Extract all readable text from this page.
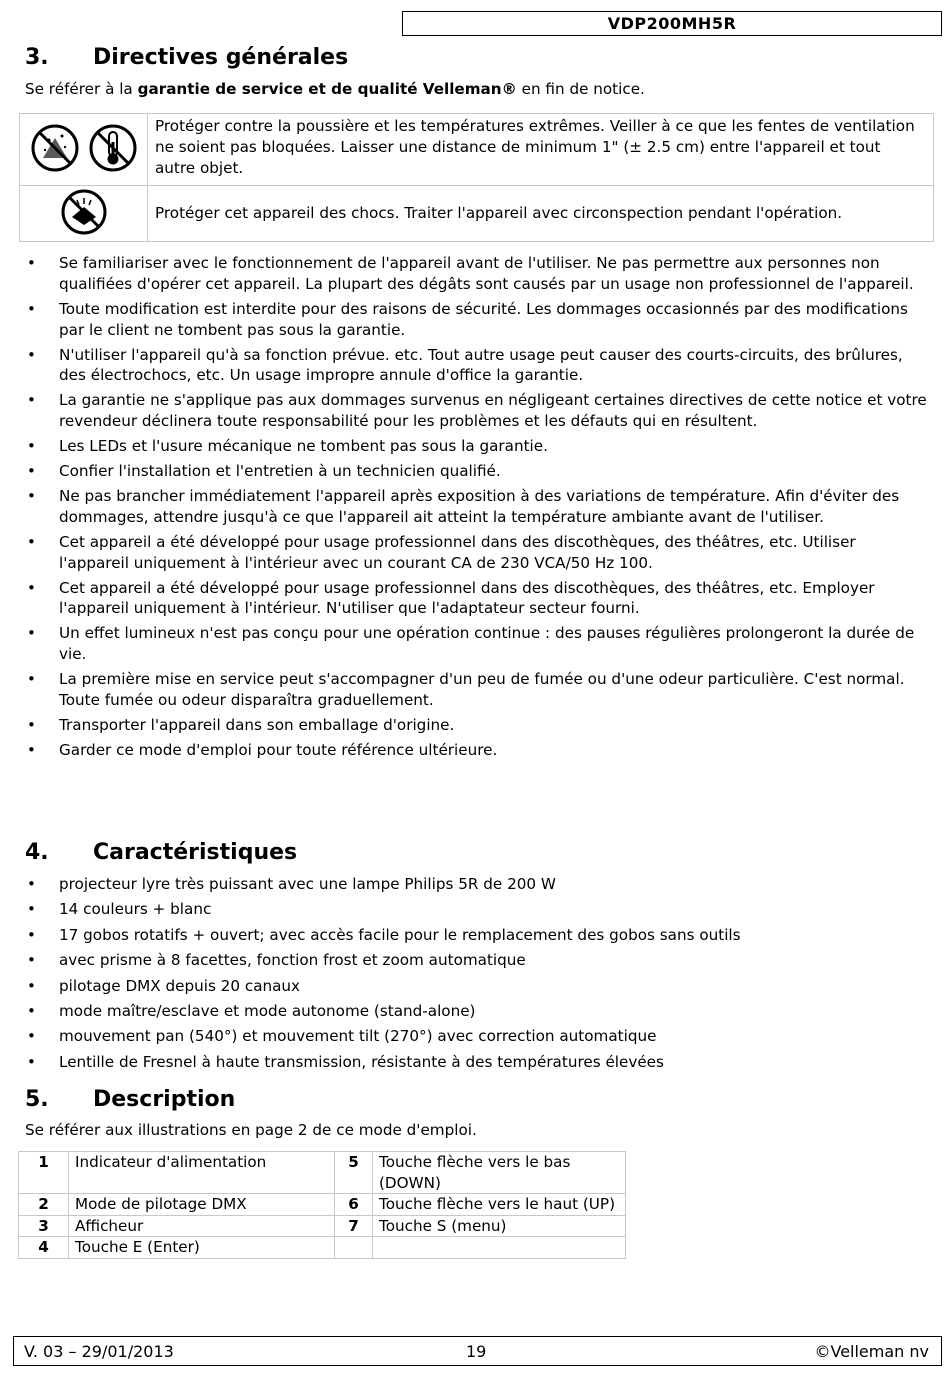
VDP200MH5R
3. Directives générales

Se référer à la garantie de service et de qualité Velleman® en fin de notice.

	Protéger contre la poussière et les températures extrêmes. Veiller à ce que les fentes de ventilation ne soient pas bloquées. Laisser une distance de minimum 1" (± 2.5 cm) entre l'appareil et tout autre objet.
	Protéger cet appareil des chocs. Traiter l'appareil avec circonspection pendant l'opération.
• Se familiariser avec le fonctionnement de l'appareil avant de l'utiliser. Ne pas permettre aux personnes non qualifiées d'opérer cet appareil. La plupart des dégâts sont causés par un usage non professionnel de l'appareil.
• Toute modification est interdite pour des raisons de sécurité. Les dommages occasionnés par des modifications par le client ne tombent pas sous la garantie.
• N'utiliser l'appareil qu'à sa fonction prévue. etc. Tout autre usage peut causer des courts-circuits, des brûlures, des électrochocs, etc. Un usage impropre annule d'office la garantie.
• La garantie ne s'applique pas aux dommages survenus en négligeant certaines directives de cette notice et votre revendeur déclinera toute responsabilité pour les problèmes et les défauts qui en résultent.
• Les LEDs et l'usure mécanique ne tombent pas sous la garantie.
• Confier l'installation et l'entretien à un technicien qualifié.
• Ne pas brancher immédiatement l'appareil après exposition à des variations de température. Afin d'éviter des dommages, attendre jusqu'à ce que l'appareil ait atteint la température ambiante avant de l'utiliser.
• Cet appareil a été développé pour usage professionnel dans des discothèques, des théâtres, etc. Utiliser l'appareil uniquement à l'intérieur avec un courant CA de 230 VCA/50 Hz 100.
• Cet appareil a été développé pour usage professionnel dans des discothèques, des théâtres, etc. Employer l'appareil uniquement à l'intérieur. N'utiliser que l'adaptateur secteur fourni.
• Un effet lumineux n'est pas conçu pour une opération continue : des pauses régulières prolongeront la durée de vie.
• La première mise en service peut s'accompagner d'un peu de fumée ou d'une odeur particulière. C'est normal. Toute fumée ou odeur disparaîtra graduellement.
• Transporter l'appareil dans son emballage d'origine.
• Garder ce mode d'emploi pour toute référence ultérieure.
4. Caractéristiques
• projecteur lyre très puissant avec une lampe Philips 5R de 200 W
• 14 couleurs + blanc
• 17 gobos rotatifs + ouvert; avec accès facile pour le remplacement des gobos sans outils
• avec prisme à 8 facettes, fonction frost et zoom automatique
• pilotage DMX depuis 20 canaux
• mode maître/esclave et mode autonome (stand-alone)
• mouvement pan (540°) et mouvement tilt (270°) avec correction automatique
• Lentille de Fresnel à haute transmission, résistante à des températures élevées
5. Description

Se référer aux illustrations en page 2 de ce mode d'emploi.

1	Indicateur d'alimentation	5	Touche flèche vers le bas (DOWN)
2	Mode de pilotage DMX	6	Touche flèche vers le haut (UP)
3	Afficheur	7	Touche S (menu)
4	Touche E (Enter)		
V. 03 – 29/01/2013	19	©Velleman nv
